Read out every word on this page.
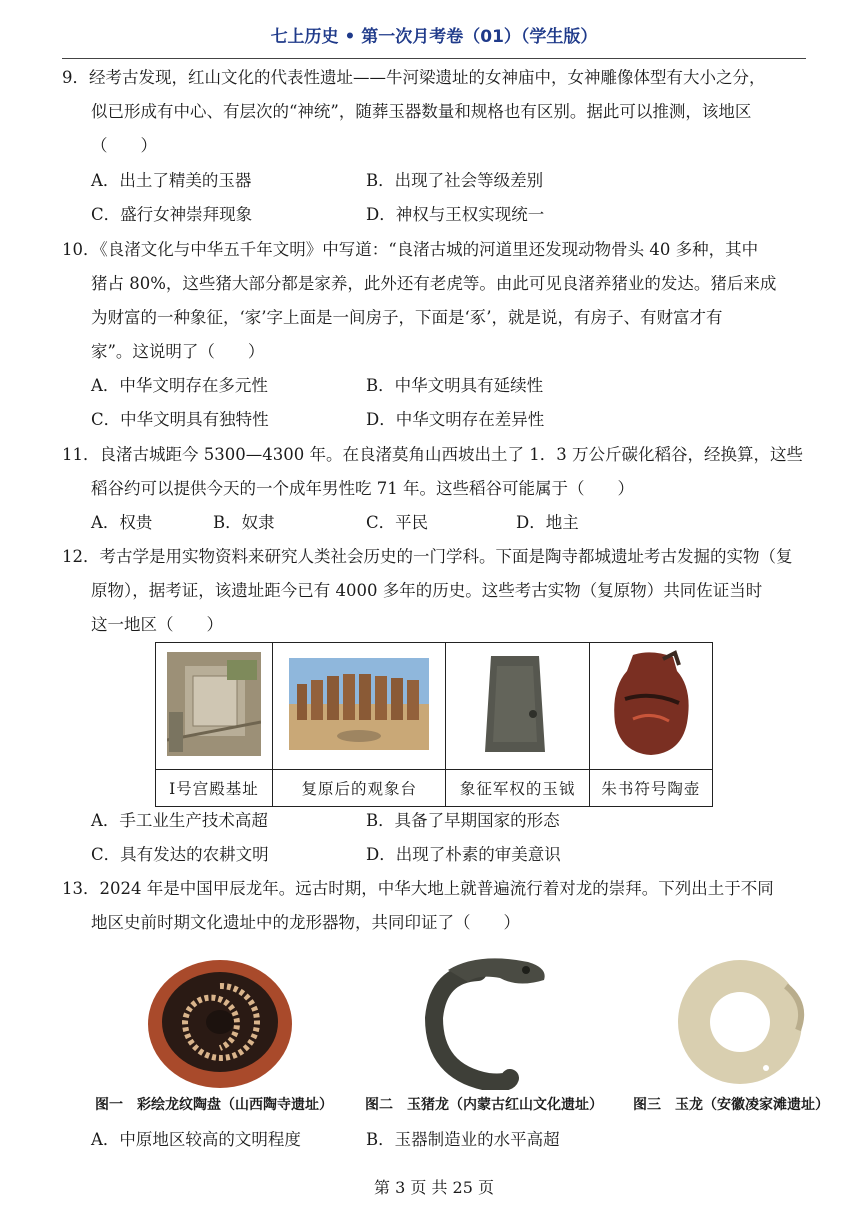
七上历史 • 第一次月考卷（01）（学生版）
9．经考古发现，红山文化的代表性遗址——牛河梁遗址的女神庙中，女神雕像体型有大小之分，
似已形成有中心、有层次的“神统”，随葬玉器数量和规格也有区别。据此可以推测，该地区
（　　）
A．出土了精美的玉器	B．出现了社会等级差别
C．盛行女神崇拜现象	D．神权与王权实现统一
10．《良渚文化与中华五千年文明》中写道：“良渚古城的河道里还发现动物骨头 40 多种，其中
猪占 80%，这些猪大部分都是家养，此外还有老虎等。由此可见良渚养猪业的发达。猪后来成
为财富的一种象征，‘家’字上面是一间房子，下面是‘豖’，就是说，有房子、有财富才有
家”。这说明了（　　）
A．中华文明存在多元性	B．中华文明具有延续性
C．中华文明具有独特性	D．中华文明存在差异性
11．良渚古城距今 5300—4300 年。在良渚莫角山西坡出土了 1．3 万公斤碳化稻谷，经换算，这些
稻谷约可以提供今天的一个成年男性吃 71 年。这些稻谷可能属于（　　）
A．权贵	B．奴隶	C．平民	D．地主
12．考古学是用实物资料来研究人类社会历史的一门学科。下面是陶寺都城遗址考古发掘的实物（复
原物），据考证，该遗址距今已有 4000 多年的历史。这些考古实物（复原物）共同佐证当时
这一地区（　　）

Ⅰ号宫殿基址	复原后的观象台	象征军权的玉钺	朱书符号陶壶
A．手工业生产技术高超	B．具备了早期国家的形态
C．具有发达的农耕文明	D．出现了朴素的审美意识
13．2024 年是中国甲辰龙年。远古时期，中华大地上就普遍流行着对龙的崇拜。下列出土于不同
地区史前时期文化遗址中的龙形器物，共同印证了（　　）
图一　彩绘龙纹陶盘（山西陶寺遗址） 图二　玉猪龙（内蒙古红山文化遗址） 图三　玉龙（安徽凌家滩遗址）
A．中原地区较高的文明程度	B．玉器制造业的水平高超
第 3 页 共 25 页
